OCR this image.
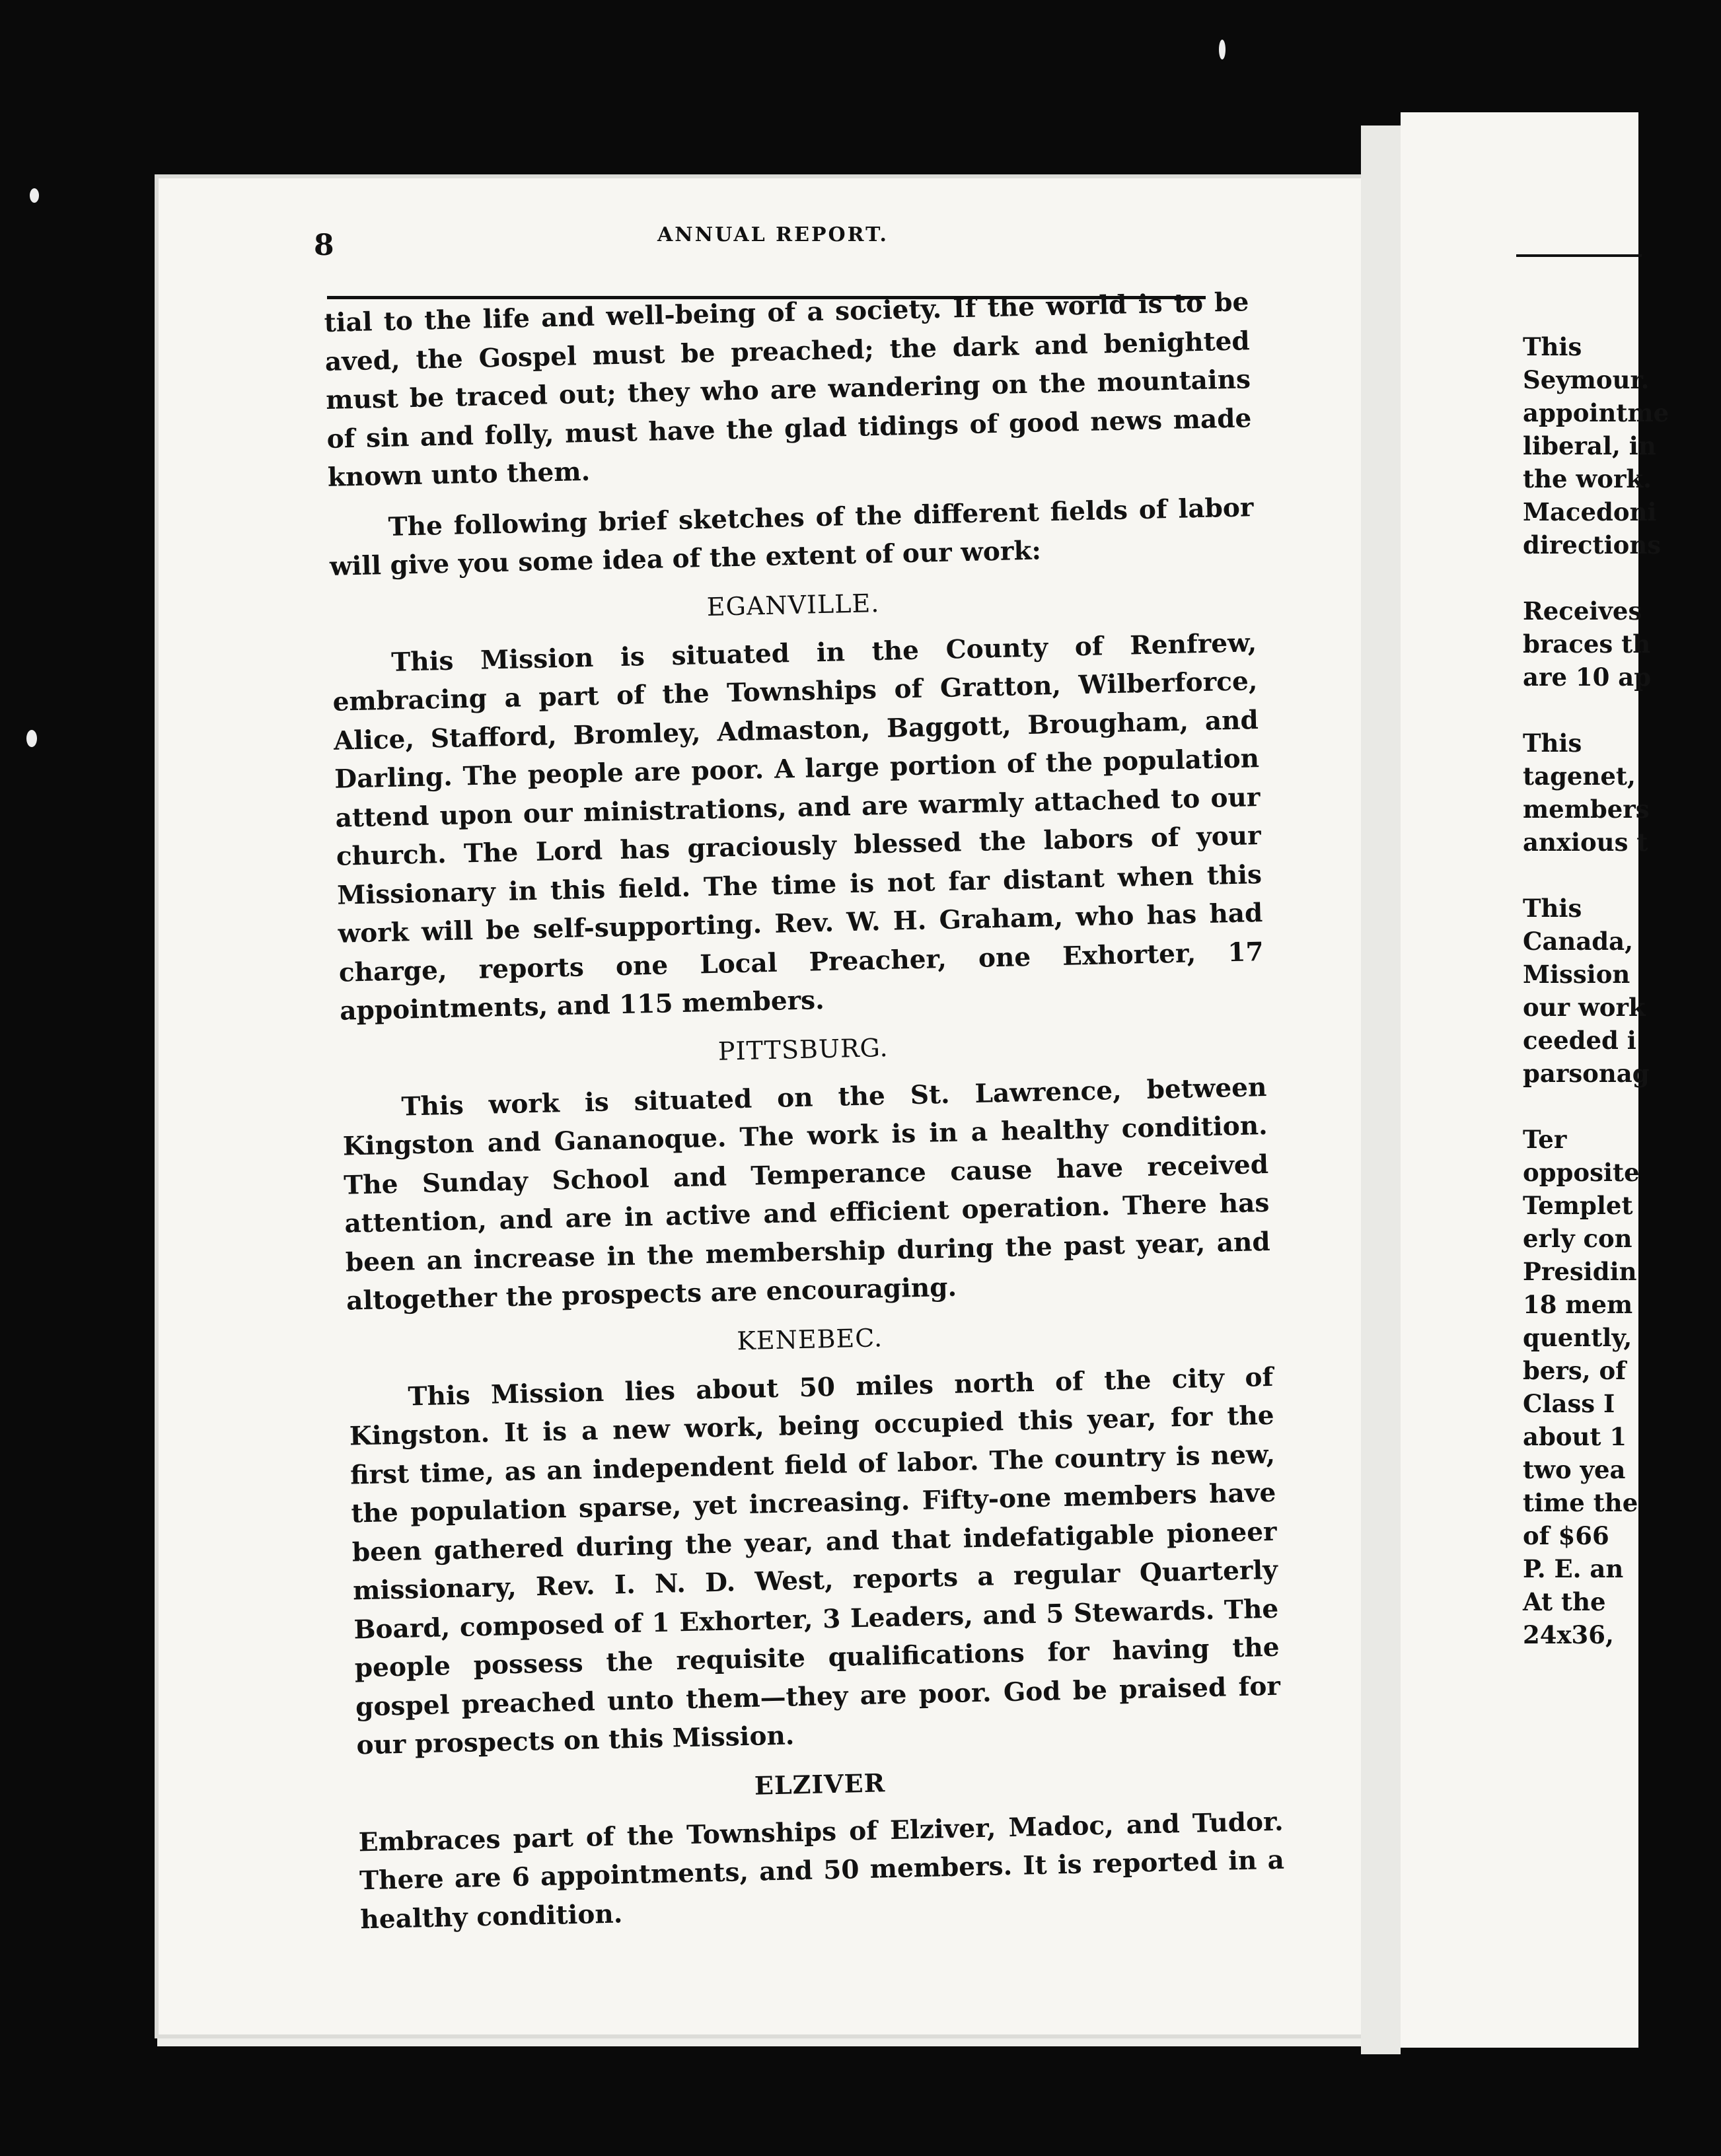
8	ANNUAL REPORT.

tial to the life and well-being of a society. If the world is to be aved, the Gospel must be preached; the dark and benighted must be traced out; they who are wandering on the mountains of sin and folly, must have the glad tidings of good news made known unto them.

The following brief sketches of the different fields of labor will give you some idea of the extent of our work:

EGANVILLE.

This Mission is situated in the County of Renfrew, embracing a part of the Townships of Gratton, Wilberforce, Alice, Stafford, Bromley, Admaston, Baggott, Brougham, and Darling. The people are poor. A large portion of the population attend upon our ministrations, and are warmly attached to our church. The Lord has graciously blessed the labors of your Missionary in this field. The time is not far distant when this work will be self-supporting. Rev. W. H. Graham, who has had charge, reports one Local Preacher, one Exhorter, 17 appointments, and 115 members.

PITTSBURG.

This work is situated on the St. Lawrence, between Kingston and Gananoque. The work is in a healthy condition. The Sunday School and Temperance cause have received attention, and are in active and efficient operation. There has been an increase in the membership during the past year, and altogether the prospects are encouraging.

KENEBEC.

This Mission lies about 50 miles north of the city of Kingston. It is a new work, being occupied this year, for the first time, as an independent field of labor. The country is new, the population sparse, yet increasing. Fifty-one members have been gathered during the year, and that indefatigable pioneer missionary, Rev. I. N. D. West, reports a regular Quarterly Board, composed of 1 Exhorter, 3 Leaders, and 5 Stewards. The people possess the requisite qualifications for having the gospel preached unto them—they are poor. God be praised for our prospects on this Mission.

ELZIVER

Embraces part of the Townships of Elziver, Madoc, and Tudor. There are 6 appointments, and 50 members. It is reported in a healthy condition.

This
Seymour.
appointme
liberal, in
the work.
Macedoni
directions
Receives
braces th
are 10 ap
This
tagenet,
members
anxious t
This
Canada,
Mission
our work
ceeded i
parsonag
Ter
opposite
Templet
erly con
Presidin
18 mem
quently,
bers, of
Class I
about 1
two yea
time the
of $66
P. E. an
At the
24x36,
